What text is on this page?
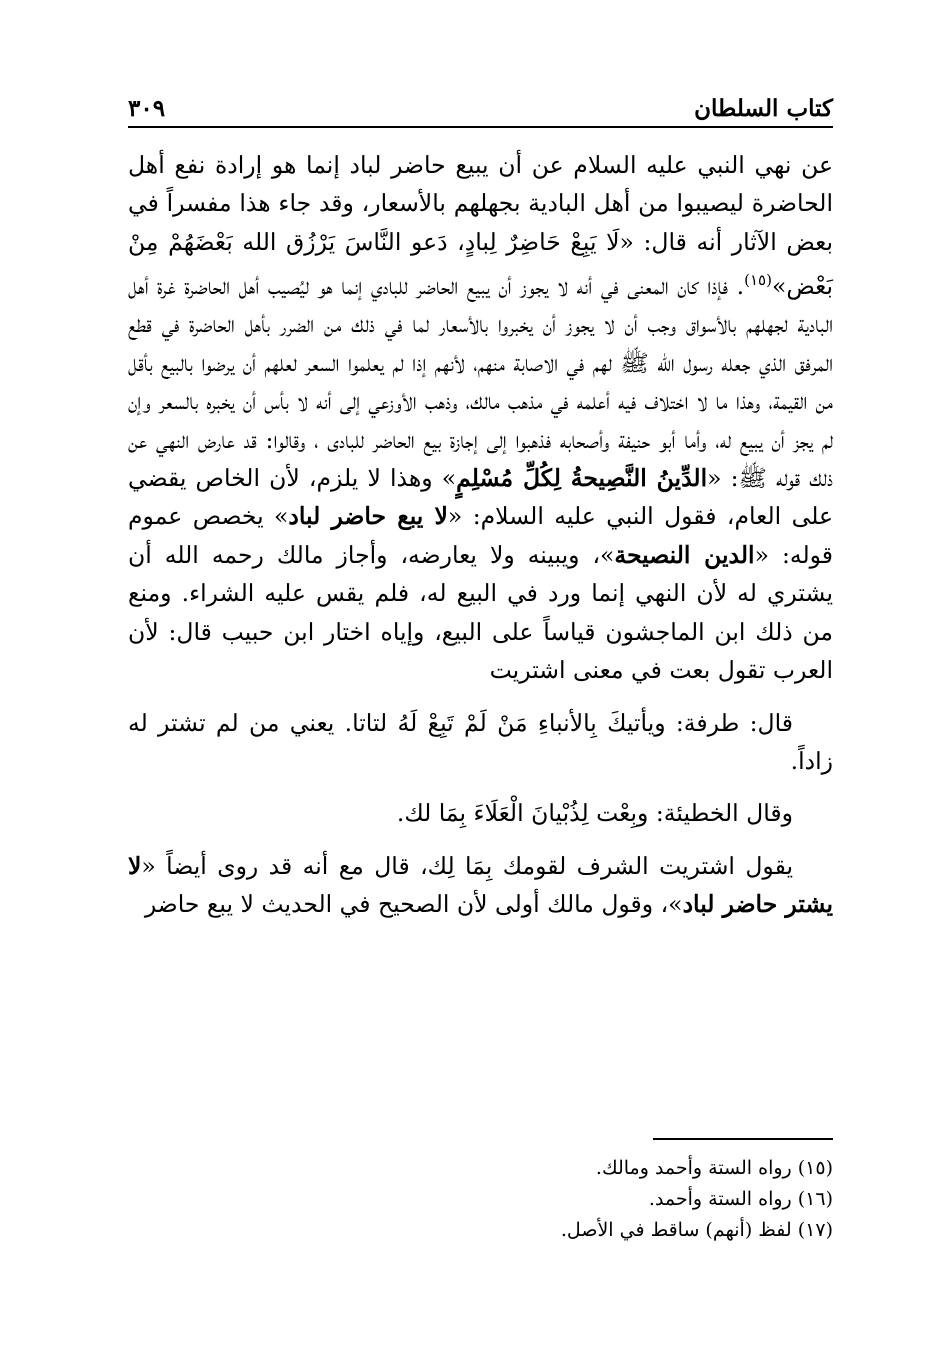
كتاب السلطان
٣٠٩

عن نهي النبي عليه السلام عن أن يبيع حاضر لباد إنما هو إرادة نفع أهل الحاضرة ليصيبوا من أهل البادية بجهلهم بالأسعار، وقد جاء هذا مفسراً في بعض الآثار أنه قال: «لَا يَبِعْ حَاضِرٌ لِبادٍ، دَعو النَّاسَ يَرْزُق الله بَعْضَهُمْ مِنْ بَعْض»$^{(١٥)}$. فإذا كان المعنى في أنه لا يجوز أن يبيع الحاضر للبادي إنما هو ليُصيب أهل الحاضرة غرة أهل البادية لجهلهم بالأسواق وجب أن لا يجوز أن يخبروا بالأسعار لما في ذلك من الضرر بأهل الحاضرة في قطع المرفق الذي جعله رسول الله ﷺ لهم في الاصابة منهم، لأنهم إذا لم يعلموا السعر لعلهم أن يرضوا بالبيع بأقل من القيمة، وهذا ما لا اختلاف فيه أعلمه في مذهب مالك، وذهب الأوزعي إلى أنه لا بأس أن يخبره بالسعر وإن لم يجز أن يبيع له، وأما أبو حنيفة وأصحابه فذهبوا إلى إجازة بيع الحاضر للبادى ، وقالوا: قد عارض النهي عن ذلك قوله ﷺ: «الدِّينُ النَّصِيحةُ لِكُلِّ مُسْلِمٍ» وهذا لا يلزم، لأن الخاص يقضي على العام، فقول النبي عليه السلام: «لا يبع حاضر لباد» يخصص عموم قوله: «الدين النصيحة»، ويبينه ولا يعارضه، وأجاز مالك رحمه الله أن يشتري له لأن النهي إنما ورد في البيع له، فلم يقس عليه الشراء. ومنع من ذلك ابن الماجشون قياساً على البيع، وإياه اختار ابن حبيب قال: لأن العرب تقول بعت في معنى اشتريت

قال: طرفة: ويأتيكَ بِالأنباءِ مَنْ لَمْ تَبِعْ لَهُ لتاتا. يعني من لم تشتر له زاداً.

وقال الخطيئة: وبِعْت لِذُبْيانَ الْعَلَاءَ بِمَا لك.

يقول اشتريت الشرف لقومك بِمَا لِك، قال مع أنه قد روى أيضاً «لا يشتر حاضر لباد»، وقول مالك أولى لأن الصحيح في الحديث لا يبع حاضر

(١٥) رواه الستة وأحمد ومالك.
(١٦) رواه الستة وأحمد.
(١٧) لفظ (أنهم) ساقط في الأصل.
